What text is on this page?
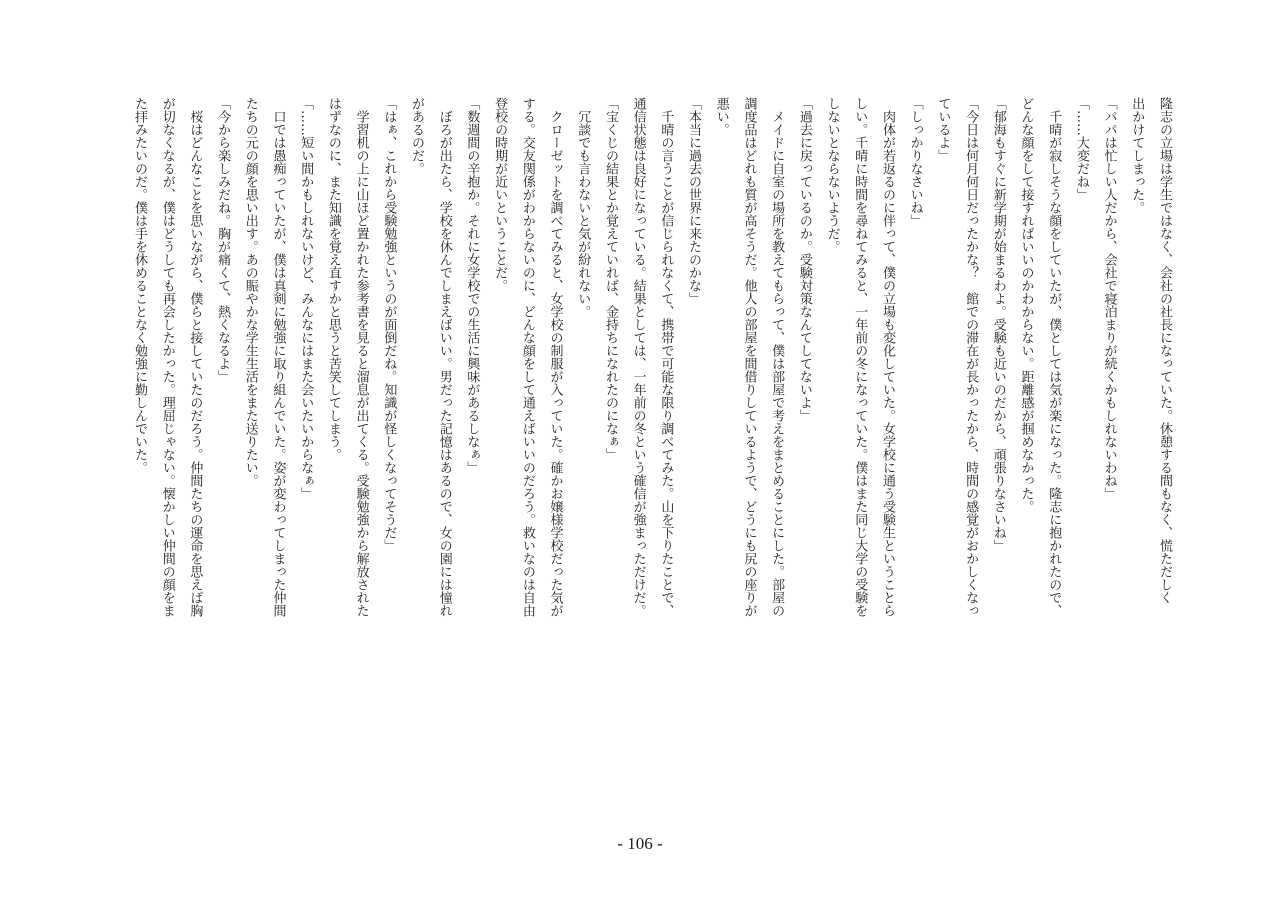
隆志の立場は学生ではなく、会社の社長になっていた。休憩する間もなく、慌ただしく
出かけてしまった。
「パパは忙しい人だから、会社で寝泊まりが続くかもしれないわね」
「……大変だね」
　千晴が寂しそうな顔をしていたが、僕としては気が楽になった。隆志に抱かれたので、
どんな顔をして接すればいいのかわからない。距離感が掴めなかった。
「郁海もすぐに新学期が始まるわよ。受験も近いのだから、頑張りなさいね」
「今日は何月何日だったかな？　館での滞在が長かったから、時間の感覚がおかしくなっ
ているよ」
「しっかりなさいね」
　肉体が若返るのに伴って、僕の立場も変化していた。女学校に通う受験生ということら
しい。千晴に時間を尋ねてみると、一年前の冬になっていた。僕はまた同じ大学の受験を
しないとならないようだ。
「過去に戻っているのか。受験対策なんてしてないよ」
　メイドに自室の場所を教えてもらって、僕は部屋で考えをまとめることにした。部屋の
調度品はどれも質が高そうだ。他人の部屋を間借りしているようで、どうにも尻の座りが
悪い。
「本当に過去の世界に来たのかな」
　千晴の言うことが信じられなくて、携帯で可能な限り調べてみた。山を下りたことで、
通信状態は良好になっている。結果としては、一年前の冬という確信が強まっただけだ。
「宝くじの結果とか覚えていれば、金持ちになれたのになぁ」
　冗談でも言わないと気が紛れない。
　クローゼットを調べてみると、女学校の制服が入っていた。確かお嬢様学校だった気が
する。交友関係がわからないのに、どんな顔をして通えばいいのだろう。救いなのは自由
登校の時期が近いということだ。
「数週間の辛抱か。それに女学校での生活に興味があるしなぁ」
　ぼろが出たら、学校を休んでしまえばいい。男だった記憶はあるので、女の園には憧れ
があるのだ。
「はぁ、これから受験勉強というのが面倒だね。知識が怪しくなってそうだ」
　学習机の上に山ほど置かれた参考書を見ると溜息が出てくる。受験勉強から解放された
はずなのに、また知識を覚え直すかと思うと苦笑してしまう。
「……短い間かもしれないけど、みんなにはまた会いたいからなぁ」
　口では愚痴っていたが、僕は真剣に勉強に取り組んでいた。姿が変わってしまった仲間
たちの元の顔を思い出す。あの賑やかな学生生活をまた送りたい。
「今から楽しみだね。胸が痛くて、熱くなるよ」
　桜はどんなことを思いながら、僕らと接していたのだろう。仲間たちの運命を思えば胸
が切なくなるが、僕はどうしても再会したかった。理屈じゃない。懐かしい仲間の顔をま
た拝みたいのだ。僕は手を休めることなく勉強に勤しんでいた。
- 106 -
